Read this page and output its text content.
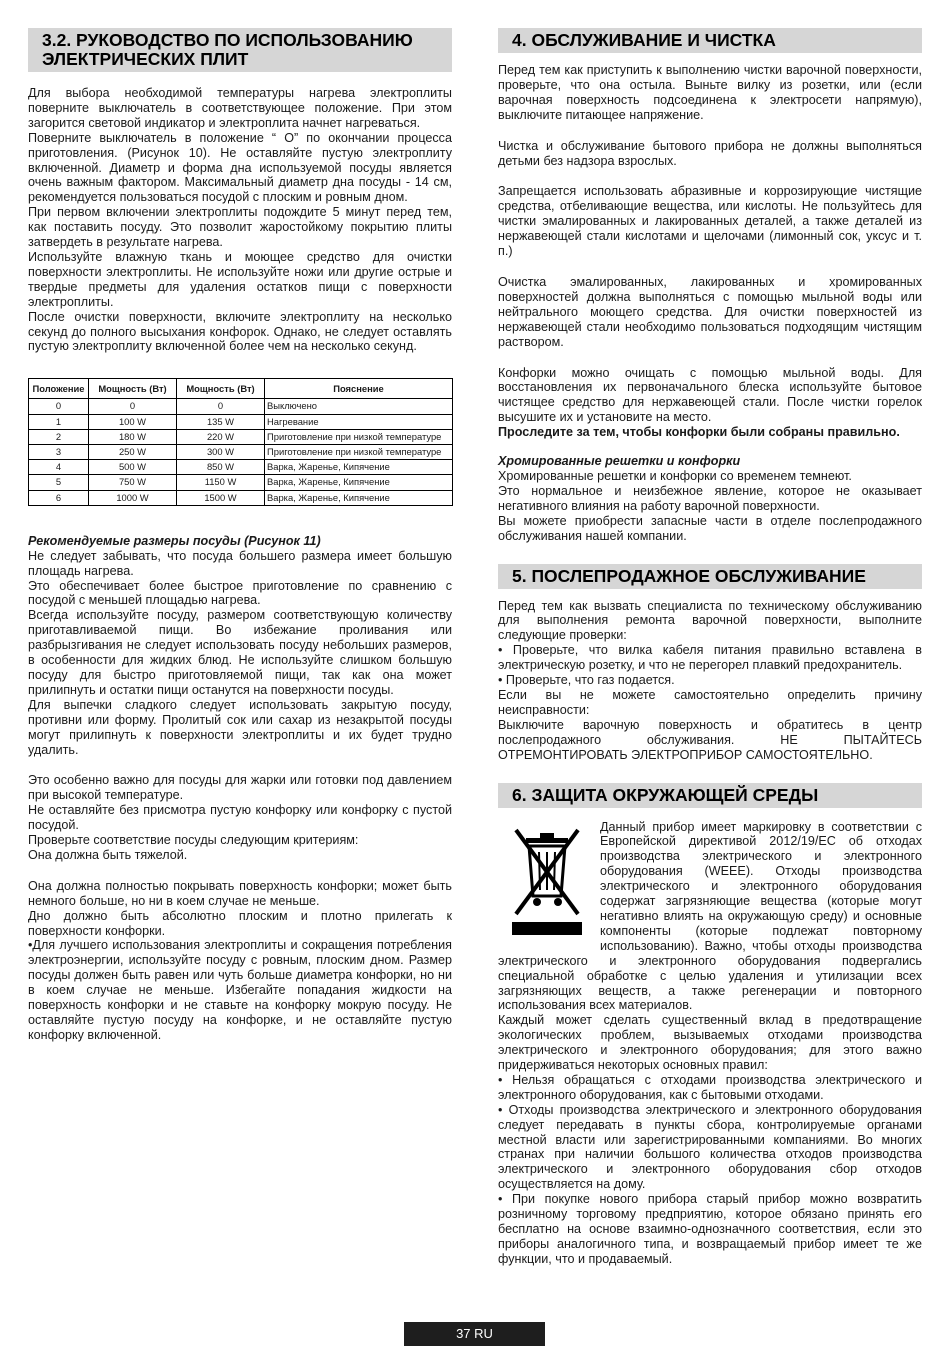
3.2. РУКОВОДСТВО ПО ИСПОЛЬЗОВАНИЮ ЭЛЕКТРИЧЕСКИХ ПЛИТ

Для выбора необходимой температуры нагрева электроплиты поверните выключатель в соответствующее положение. При этом загорится световой индикатор и электроплита начнет нагреваться.

Поверните выключатель в положение “ О” по окончании процесса приготовления. (Рисунок 10). Не оставляйте пустую электроплиту включенной. Диаметр и форма дна используемой посуды является очень важным фактором. Максимальный диаметр дна посуды - 14 см, рекомендуется пользоваться посудой с плоским и ровным дном.

При первом включении электроплиты подождите 5 минут перед тем, как поставить посуду. Это позволит жаростойкому покрытию плиты затвердеть в результате нагрева.

Используйте влажную ткань и моющее средство для очистки поверхности электроплиты. Не используйте ножи или другие острые и твердые предметы для удаления остатков пищи с поверхности электроплиты.

После очистки поверхности, включите электроплиту на несколько секунд до полного высыхания конфорок. Однако, не следует оставлять пустую электроплиту включенной более чем на несколько секунд.

Положение	Мощность (Вт)	Мощность (Вт)	Пояснение
0	0	0	Выключено
1	100 W	135 W	Нагревание
2	180 W	220 W	Приготовление при низкой температуре
3	250 W	300 W	Приготовление при низкой температуре
4	500 W	850 W	Варка, Жаренье, Кипячение
5	750 W	1150 W	Варка, Жаренье, Кипячение
6	1000 W	1500 W	Варка, Жаренье, Кипячение

Рекомендуемые размеры посуды (Рисунок 11)

Не следует забывать, что посуда большего размера имеет большую площадь нагрева.

Это обеспечивает более быстрое приготовление по сравнению с посудой с меньшей площадью нагрева.

Всегда используйте посуду, размером соответствующую количеству приготавливаемой пищи. Во избежание проливания или разбрызгивания не следует использовать посуду небольших размеров, в особенности для жидких блюд. Не используйте слишком большую посуду для быстро приготовляемой пищи, так как она может прилипнуть и остатки пищи останутся на поверхности посуды.

Для выпечки сладкого следует использовать закрытую посуду, противни или форму. Пролитый сок или сахар из незакрытой посуды могут прилипнуть к поверхности электроплиты и их будет трудно удалить.

Это особенно важно для посуды для жарки или готовки под давлением при высокой температуре.

Не оставляйте без присмотра пустую конфорку или конфорку с пустой посудой.

Проверьте соответствие посуды следующим критериям:

Она должна быть тяжелой.

Она должна полностью покрывать поверхность конфорки; может быть немного больше, но ни в коем случае не меньше.

Дно должно быть абсолютно плоским и плотно прилегать к поверхности конфорки.

•Для лучшего использования электроплиты и сокращения потребления электроэнергии, используйте посуду с ровным, плоским дном. Размер посуды должен быть равен или чуть больше диаметра конфорки, но ни в коем случае не меньше. Избегайте попадания жидкости на поверхность конфорки и не ставьте на конфорку мокрую посуду. Не оставляйте пустую посуду на конфорке, и не оставляйте пустую конфорку включенной.

4. ОБСЛУЖИВАНИЕ И ЧИСТКА

Перед тем как приступить к выполнению чистки варочной поверхности, проверьте, что она остыла. Выньте вилку из розетки, или (если варочная поверхность подсоединена к электросети напрямую), выключите питающее напряжение.

Чистка и обслуживание бытового прибора не должны выполняться детьми без надзора взрослых.

Запрещается использовать абразивные и коррозирующие чистящие средства, отбеливающие вещества, или кислоты. Не пользуйтесь для чистки эмалированных и лакированных деталей, а также деталей из нержавеющей стали кислотами и щелочами (лимонный сок, уксус и т. п.)

Очистка эмалированных, лакированных и хромированных поверхностей должна выполняться с помощью мыльной воды или нейтрального моющего средства. Для очистки поверхностей из нержавеющей стали необходимо пользоваться подходящим чистящим раствором.

Конфорки можно очищать с помощью мыльной воды. Для восстановления их первоначального блеска используйте бытовое чистящее средство для нержавеющей стали. После чистки горелок высушите их и установите на место.

Проследите за тем, чтобы конфорки были собраны правильно.

Хромированные решетки и конфорки

Хромированные решетки и конфорки со временем темнеют.

Это нормальное и неизбежное явление, которое не оказывает негативного влияния на работу варочной поверхности.

Вы можете приобрести запасные части в отделе послепродажного обслуживания нашей компании.

5. ПОСЛЕПРОДАЖНОЕ ОБСЛУЖИВАНИЕ

Перед тем как вызвать специалиста по техническому обслуживанию для выполнения ремонта варочной поверхности, выполните следующие проверки:

• Проверьте, что вилка кабеля питания правильно вставлена в электрическую розетку, и что не перегорел плавкий предохранитель.

• Проверьте, что газ подается.

Если вы не можете самостоятельно определить причину неисправности:

Выключите варочную поверхность и обратитесь в центр послепродажного обслуживания. НЕ ПЫТАЙТЕСЬ ОТРЕМОНТИРОВАТЬ ЭЛЕКТРОПРИБОР САМОСТОЯТЕЛЬНО.

6. ЗАЩИТА ОКРУЖАЮЩЕЙ СРЕДЫ

Данный прибор имеет маркировку в соответствии с Европейской директивой 2012/19/ЕС об отходах производства электрического и электронного оборудования (WEEE). Отходы производства электрического и электронного оборудования содержат загрязняющие вещества (которые могут негативно влиять на окружающую среду) и основные компоненты (которые подлежат повторному использованию). Важно, чтобы отходы производства электрического и электронного оборудования подвергались специальной обработке с целью удаления и утилизации всех загрязняющих веществ, а также регенерации и повторного использования всех материалов.

Каждый может сделать существенный вклад в предотвращение экологических проблем, вызываемых отходами производства электрического и электронного оборудования; для этого важно придерживаться некоторых основных правил:

• Нельзя обращаться с отходами производства электрического и электронного оборудования, как с бытовыми отходами.

• Отходы производства электрического и электронного оборудования следует передавать в пункты сбора, контролируемые органами местной власти или зарегистрированными компаниями. Во многих странах при наличии большого количества отходов производства электрического и электронного оборудования сбор отходов осуществляется на дому.

• При покупке нового прибора старый прибор можно возвратить розничному торговому предприятию, которое обязано принять его бесплатно на основе взаимно-однозначного соответствия, если это приборы аналогичного типа, и возвращаемый прибор имеет те же функции, что и продаваемый.

37 RU
